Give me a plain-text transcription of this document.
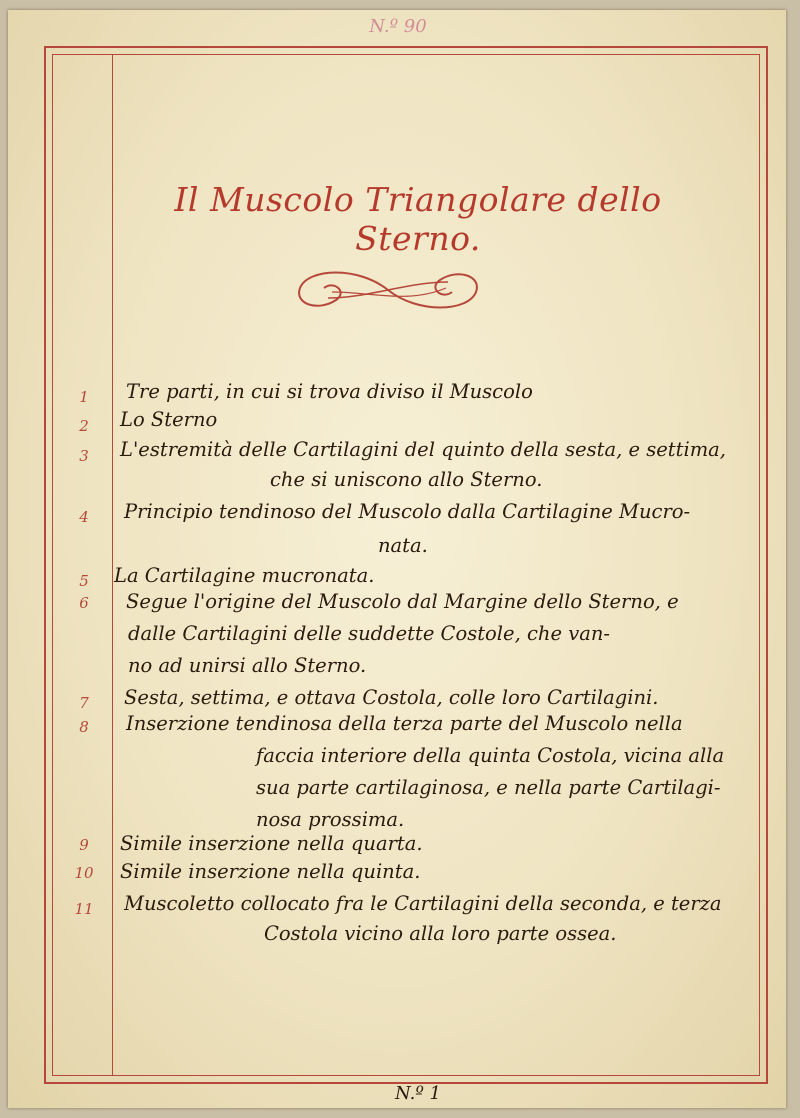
N.º 90
Il Muscolo Triangolare dello Sterno.
1	Tre parti, in cui si trova diviso il Muscolo
2	Lo Sterno
3	L'estremità delle Cartilagini del quinto della sesta, e settima,
che si uniscono allo Sterno.
4	Principio tendinoso del Muscolo dalla Cartilagine Mucro-
nata.
5	La Cartilagine mucronata.
6	Segue l'origine del Muscolo dal Margine dello Sterno, e
dalle Cartilagini delle suddette Costole, che van-
no ad unirsi allo Sterno.
7	Sesta, settima, e ottava Costola, colle loro Cartilagini.
8	Inserzione tendinosa della terza parte del Muscolo nella
faccia interiore della quinta Costola, vicina alla
sua parte cartilaginosa, e nella parte Cartilagi-
nosa prossima.
9	Simile inserzione nella quarta.
10	Simile inserzione nella quinta.
11	Muscoletto collocato fra le Cartilagini della seconda, e terza
Costola vicino alla loro parte ossea.
N.º 1
